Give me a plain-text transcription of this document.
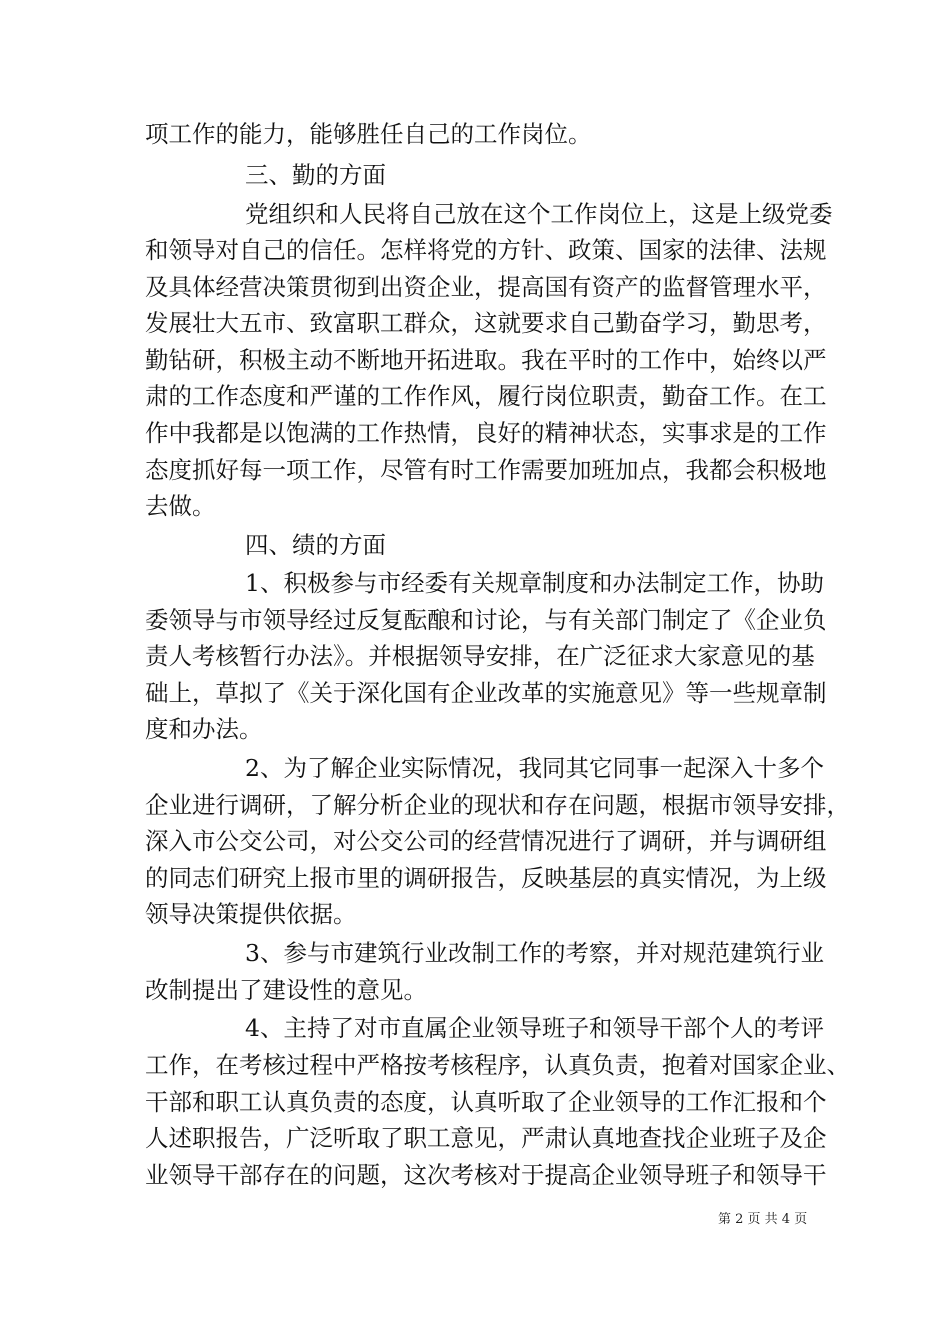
项工作的能力，能够胜任自己的工作岗位。
三、勤的方面
党组织和人民将自己放在这个工作岗位上，这是上级党委
和领导对自己的信任。怎样将党的方针、政策、国家的法律、法规
及具体经营决策贯彻到出资企业，提高国有资产的监督管理水平，
发展壮大五市、致富职工群众，这就要求自己勤奋学习，勤思考，
勤钻研，积极主动不断地开拓进取。我在平时的工作中，始终以严
肃的工作态度和严谨的工作作风，履行岗位职责，勤奋工作。在工
作中我都是以饱满的工作热情，良好的精神状态，实事求是的工作
态度抓好每一项工作，尽管有时工作需要加班加点，我都会积极地
去做。
四、绩的方面
1、积极参与市经委有关规章制度和办法制定工作，协助
委领导与市领导经过反复酝酿和讨论，与有关部门制定了《企业负
责人考核暂行办法》。并根据领导安排，在广泛征求大家意见的基
础上，草拟了《关于深化国有企业改革的实施意见》等一些规章制
度和办法。
2、为了解企业实际情况，我同其它同事一起深入十多个
企业进行调研，了解分析企业的现状和存在问题，根据市领导安排，
深入市公交公司，对公交公司的经营情况进行了调研，并与调研组
的同志们研究上报市里的调研报告，反映基层的真实情况，为上级
领导决策提供依据。
3、参与市建筑行业改制工作的考察，并对规范建筑行业
改制提出了建设性的意见。
4、主持了对市直属企业领导班子和领导干部个人的考评
工作，在考核过程中严格按考核程序，认真负责，抱着对国家企业、
干部和职工认真负责的态度，认真听取了企业领导的工作汇报和个
人述职报告，广泛听取了职工意见，严肃认真地查找企业班子及企
业领导干部存在的问题，这次考核对于提高企业领导班子和领导干
第 2 页 共 4 页
